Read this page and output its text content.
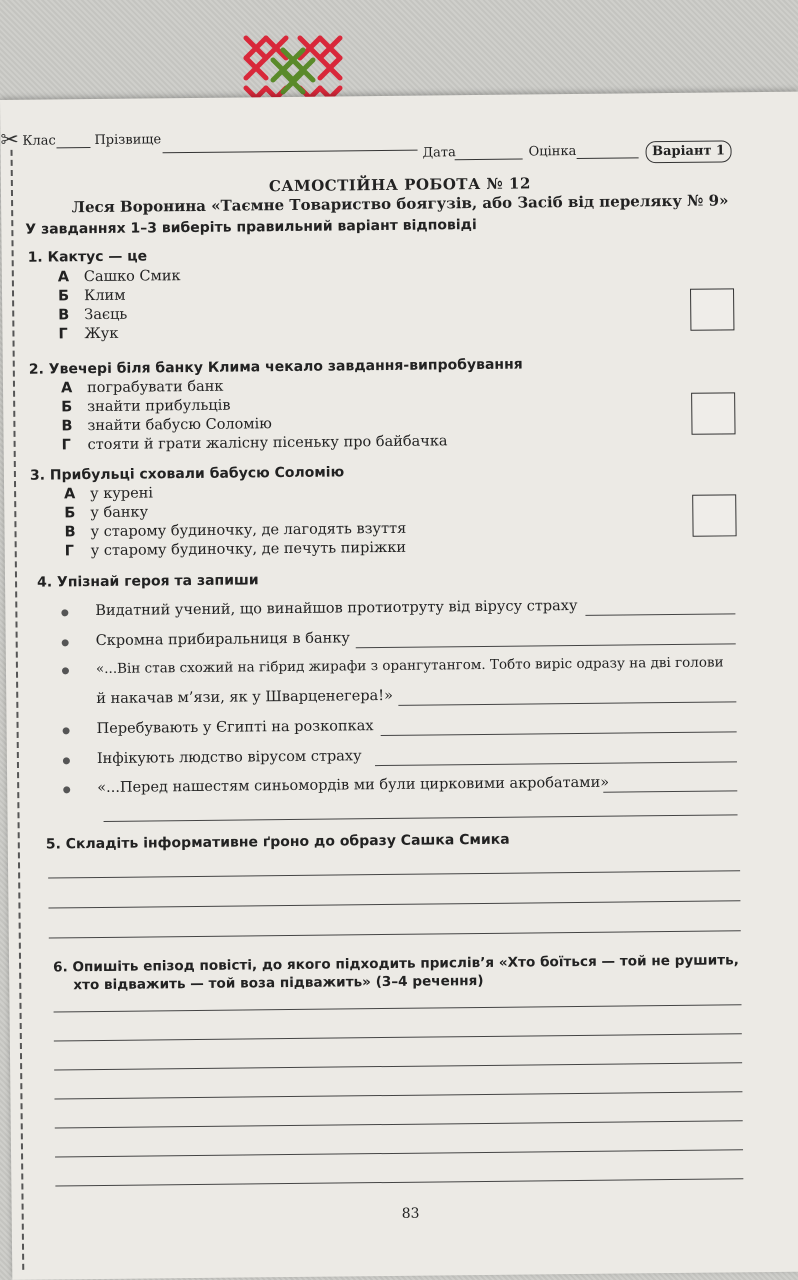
✂ Клас	Прізвище
Дата	Оцінка	Варіант 1
САМОСТІЙНА РОБОТА № 12
Леся Воронина «Таємне Товариство боягузів, або Засіб від переляку № 9»
У завданнях 1–3 виберіть правильний варіант відповіді
1. Кактус — це
А Сашко Смик
Б Клим
В Заєць
Г Жук
2. Увечері біля банку Клима чекало завдання-випробування
А пограбувати банк
Б знайти прибульців
В знайти бабусю Соломію
Г стояти й грати жалісну пісеньку про байбачка
3. Прибульці сховали бабусю Соломію
А у курені
Б у банку
В у старому будиночку, де лагодять взуття
Г у старому будиночку, де печуть пиріжки
4. Упізнай героя та запиши
Видатний учений, що винайшов протиотруту від вірусу страху
Скромна прибиральниця в банку
«...Він став схожий на гібрид жирафи з орангутангом. Тобто виріс одразу на дві голови
й накачав м’язи, як у Шварценегера!»
Перебувають у Єгипті на розкопках
Інфікують людство вірусом страху
«...Перед нашестям синьомордів ми були цирковими акробатами»
5. Складіть інформативне ґроно до образу Сашка Смика
6. Опишіть епізод повісті, до якого підходить прислів’я «Хто боїться — той не рушить,
хто відважить — той воза підважить» (3–4 речення)
83
